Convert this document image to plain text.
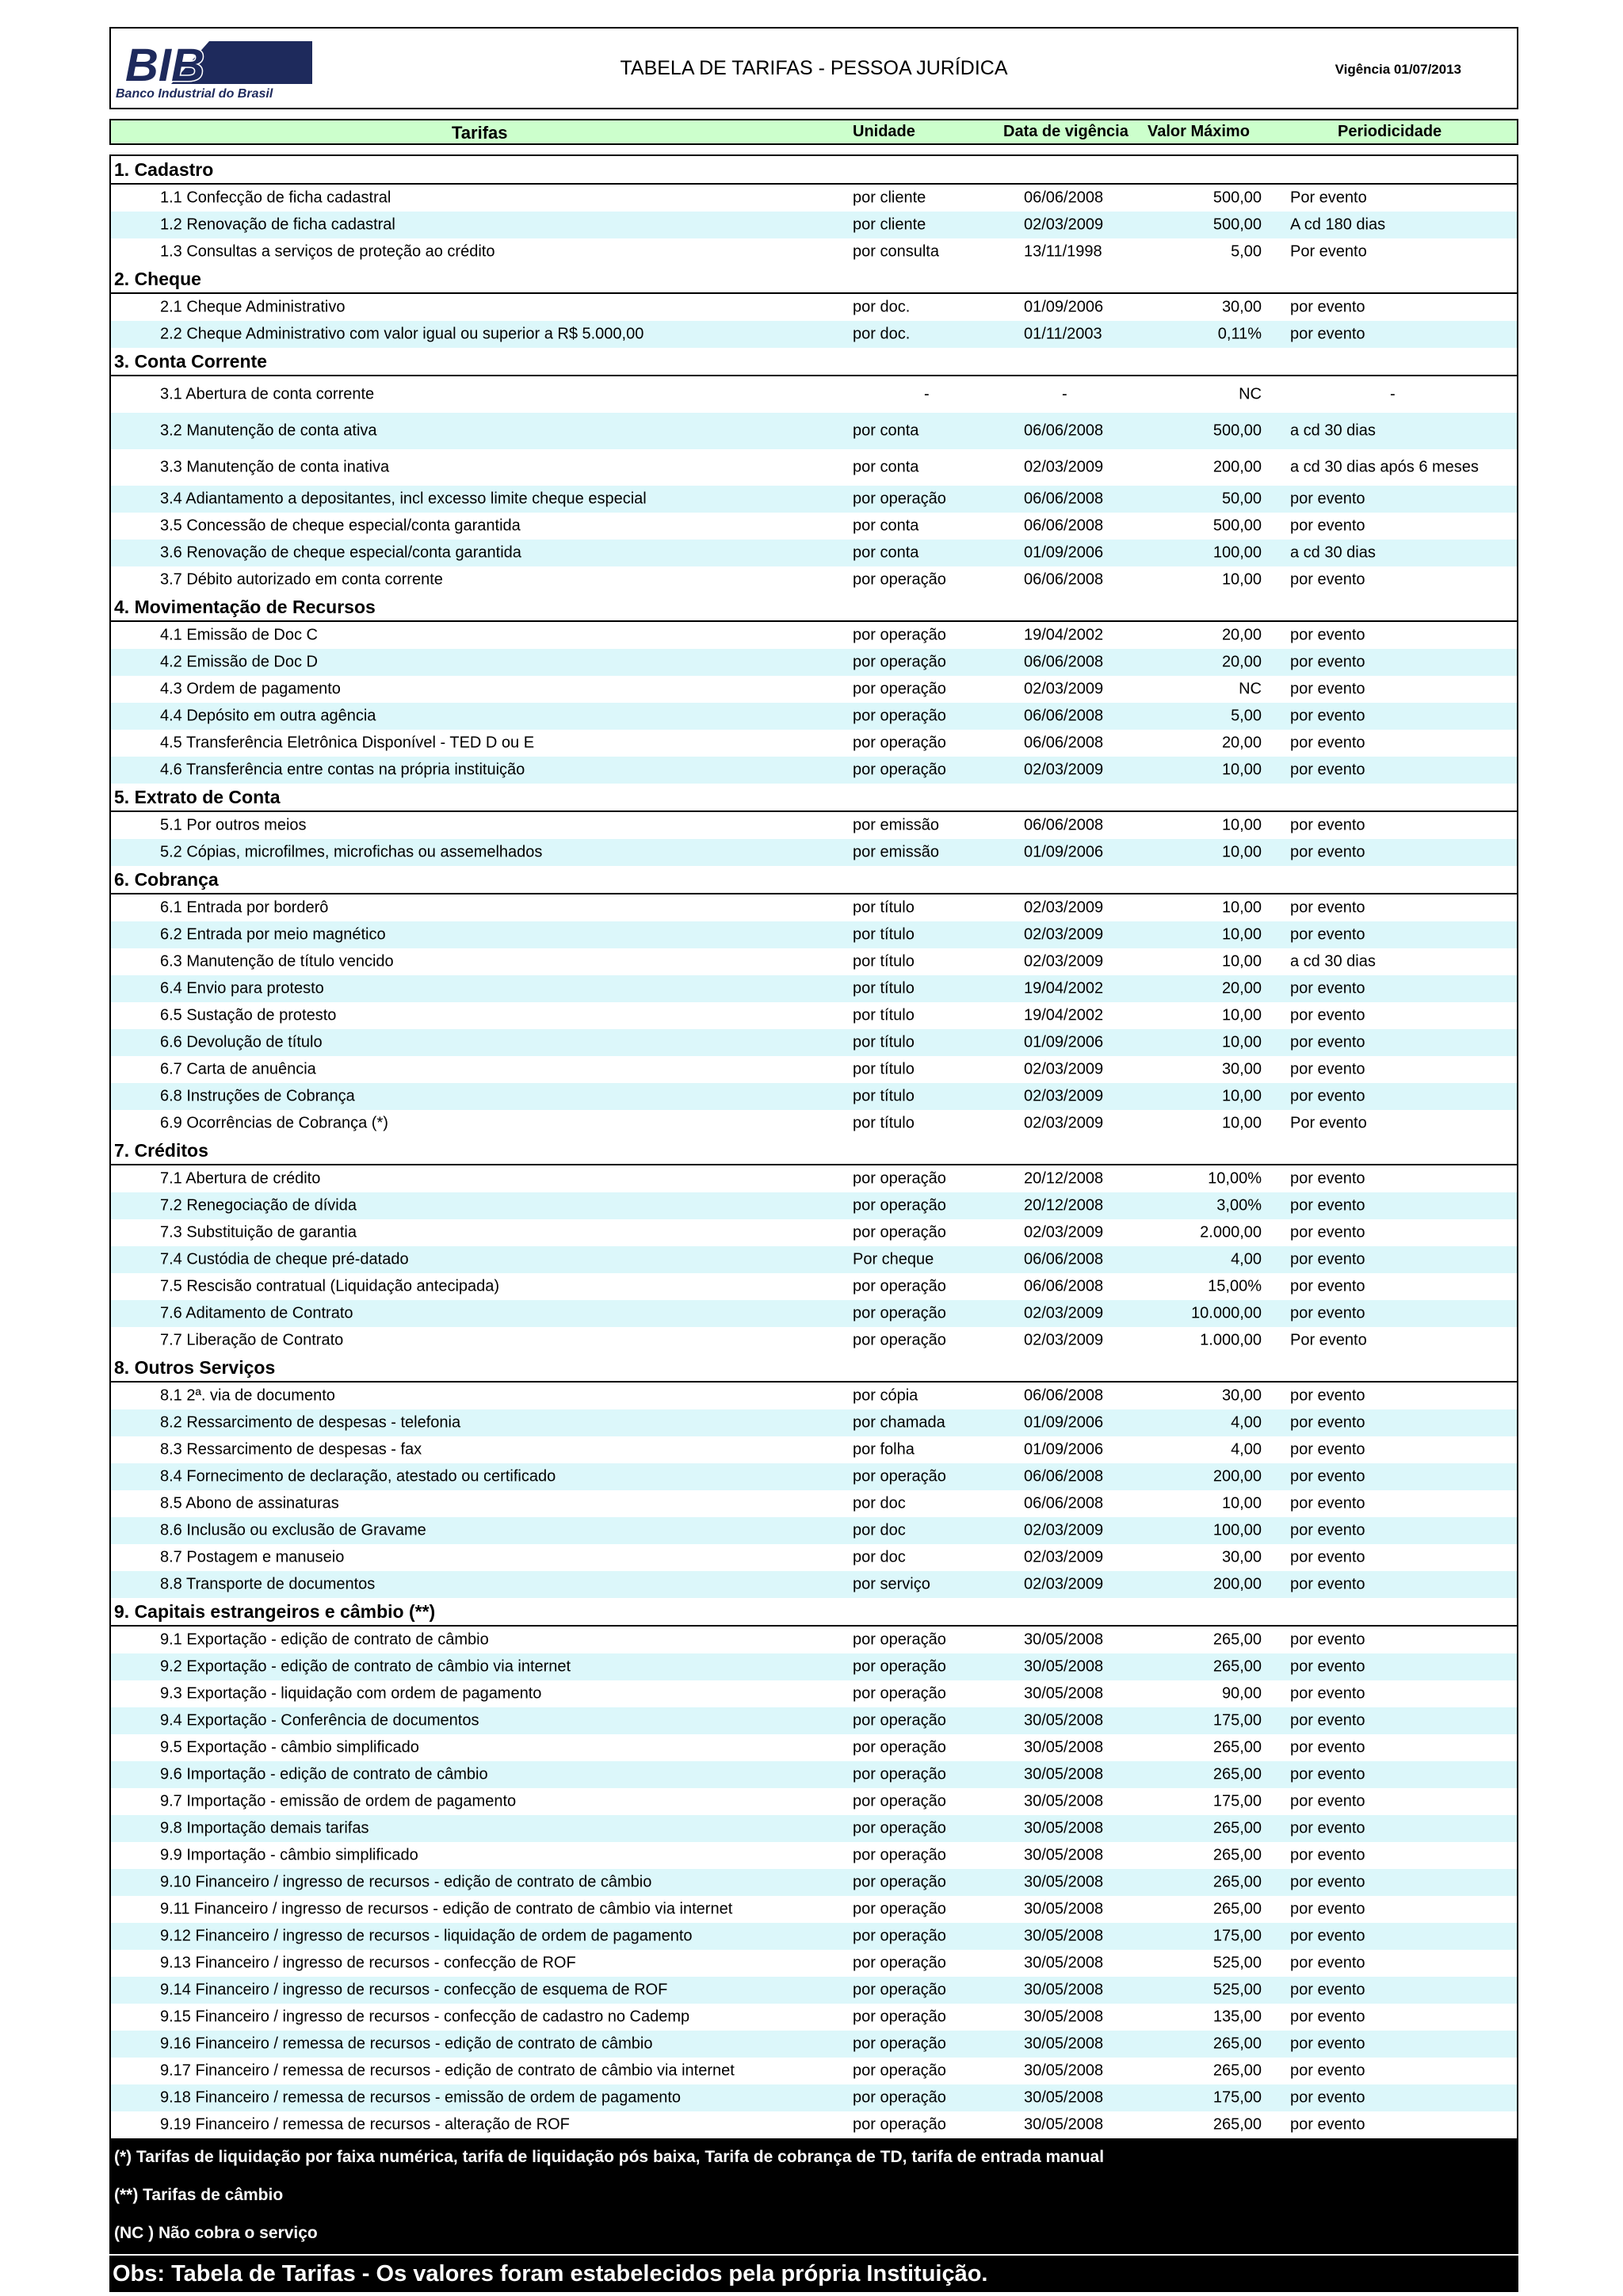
BIB
Banco Industrial do Brasil
TABELA DE TARIFAS - PESSOA JURÍDICA	Vigência 01/07/2013
Tarifas	Unidade	Data de vigência Valor Máximo	Periodicidade
1. Cadastro
1.1 Confecção de ficha cadastral	por cliente	06/06/2008	500,00 Por evento
1.2 Renovação de ficha cadastral	por cliente	02/03/2009	500,00 A cd 180 dias
1.3 Consultas a serviços de proteção ao crédito	por consulta	13/11/1998	5,00 Por evento
2. Cheque
2.1 Cheque Administrativo	por doc.	01/09/2006	30,00 por evento
2.2 Cheque Administrativo com valor igual ou superior a R$ 5.000,00	por doc.	01/11/2003	0,11% por evento
3. Conta Corrente
3.1 Abertura de conta corrente	-	-	NC	-
3.2 Manutenção de conta ativa	por conta	06/06/2008	500,00 a cd 30 dias
3.3 Manutenção de conta inativa	por conta	02/03/2009	200,00 a cd 30 dias após 6 meses
3.4 Adiantamento a depositantes, incl excesso limite cheque especial	por operação	06/06/2008	50,00 por evento
3.5 Concessão de cheque especial/conta garantida	por conta	06/06/2008	500,00 por evento
3.6 Renovação de cheque especial/conta garantida	por conta	01/09/2006	100,00 a cd 30 dias
3.7 Débito autorizado em conta corrente	por operação	06/06/2008	10,00 por evento
4. Movimentação de Recursos
4.1 Emissão de Doc C	por operação	19/04/2002	20,00 por evento
4.2 Emissão de Doc D	por operação	06/06/2008	20,00 por evento
4.3 Ordem de pagamento	por operação	02/03/2009	NC por evento
4.4 Depósito em outra agência	por operação	06/06/2008	5,00 por evento
4.5 Transferência Eletrônica Disponível - TED D ou E	por operação	06/06/2008	20,00 por evento
4.6 Transferência entre contas na própria instituição	por operação	02/03/2009	10,00 por evento
5. Extrato de Conta
5.1 Por outros meios	por emissão	06/06/2008	10,00 por evento
5.2 Cópias, microfilmes, microfichas ou assemelhados	por emissão	01/09/2006	10,00 por evento
6. Cobrança
6.1 Entrada por borderô	por título	02/03/2009	10,00 por evento
6.2 Entrada por meio magnético	por título	02/03/2009	10,00 por evento
6.3 Manutenção de título vencido	por título	02/03/2009	10,00 a cd 30 dias
6.4 Envio para protesto	por título	19/04/2002	20,00 por evento
6.5 Sustação de protesto	por título	19/04/2002	10,00 por evento
6.6 Devolução de título	por título	01/09/2006	10,00 por evento
6.7 Carta de anuência	por título	02/03/2009	30,00 por evento
6.8 Instruções de Cobrança	por título	02/03/2009	10,00 por evento
6.9 Ocorrências de Cobrança (*)	por título	02/03/2009	10,00 Por evento
7. Créditos
7.1 Abertura de crédito	por operação	20/12/2008	10,00% por evento
7.2 Renegociação de dívida	por operação	20/12/2008	3,00% por evento
7.3 Substituição de garantia	por operação	02/03/2009	2.000,00 por evento
7.4 Custódia de cheque pré-datado	Por cheque	06/06/2008	4,00 por evento
7.5 Rescisão contratual (Liquidação antecipada)	por operação	06/06/2008	15,00% por evento
7.6 Aditamento de Contrato	por operação	02/03/2009	10.000,00 por evento
7.7 Liberação de Contrato	por operação	02/03/2009	1.000,00 Por evento
8. Outros Serviços
8.1 2ª. via de documento	por cópia	06/06/2008	30,00 por evento
8.2 Ressarcimento de despesas - telefonia	por chamada	01/09/2006	4,00 por evento
8.3 Ressarcimento de despesas - fax	por folha	01/09/2006	4,00 por evento
8.4 Fornecimento de declaração, atestado ou certificado	por operação	06/06/2008	200,00 por evento
8.5 Abono de assinaturas	por doc	06/06/2008	10,00 por evento
8.6 Inclusão ou exclusão de Gravame	por doc	02/03/2009	100,00 por evento
8.7 Postagem e manuseio	por doc	02/03/2009	30,00 por evento
8.8 Transporte de documentos	por serviço	02/03/2009	200,00 por evento
9. Capitais estrangeiros e câmbio (**)
9.1 Exportação - edição de contrato de câmbio	por operação	30/05/2008	265,00 por evento
9.2 Exportação - edição de contrato de câmbio via internet	por operação	30/05/2008	265,00 por evento
9.3 Exportação - liquidação com ordem de pagamento	por operação	30/05/2008	90,00 por evento
9.4 Exportação - Conferência de documentos	por operação	30/05/2008	175,00 por evento
9.5 Exportação - câmbio simplificado	por operação	30/05/2008	265,00 por evento
9.6 Importação - edição de contrato de câmbio	por operação	30/05/2008	265,00 por evento
9.7 Importação - emissão de ordem de pagamento	por operação	30/05/2008	175,00 por evento
9.8 Importação demais tarifas	por operação	30/05/2008	265,00 por evento
9.9 Importação - câmbio simplificado	por operação	30/05/2008	265,00 por evento
9.10 Financeiro / ingresso de recursos - edição de contrato de câmbio	por operação	30/05/2008	265,00 por evento
9.11 Financeiro / ingresso de recursos - edição de contrato de câmbio via internet	por operação	30/05/2008	265,00 por evento
9.12 Financeiro / ingresso de recursos - liquidação de ordem de pagamento	por operação	30/05/2008	175,00 por evento
9.13 Financeiro / ingresso de recursos - confecção de ROF	por operação	30/05/2008	525,00 por evento
9.14 Financeiro / ingresso de recursos - confecção de esquema de ROF	por operação	30/05/2008	525,00 por evento
9.15 Financeiro / ingresso de recursos - confecção de cadastro no Cademp	por operação	30/05/2008	135,00 por evento
9.16 Financeiro / remessa de recursos - edição de contrato de câmbio	por operação	30/05/2008	265,00 por evento
9.17 Financeiro / remessa de recursos - edição de contrato de câmbio via internet	por operação	30/05/2008	265,00 por evento
9.18 Financeiro / remessa de recursos - emissão de ordem de pagamento	por operação	30/05/2008	175,00 por evento
9.19 Financeiro / remessa de recursos - alteração de ROF	por operação	30/05/2008	265,00 por evento
(*) Tarifas de liquidação por faixa numérica, tarifa de liquidação pós baixa, Tarifa de cobrança de TD, tarifa de entrada manual
(**) Tarifas de câmbio
(NC ) Não cobra o serviço
Obs: Tabela de Tarifas - Os valores foram estabelecidos pela própria Instituição.
